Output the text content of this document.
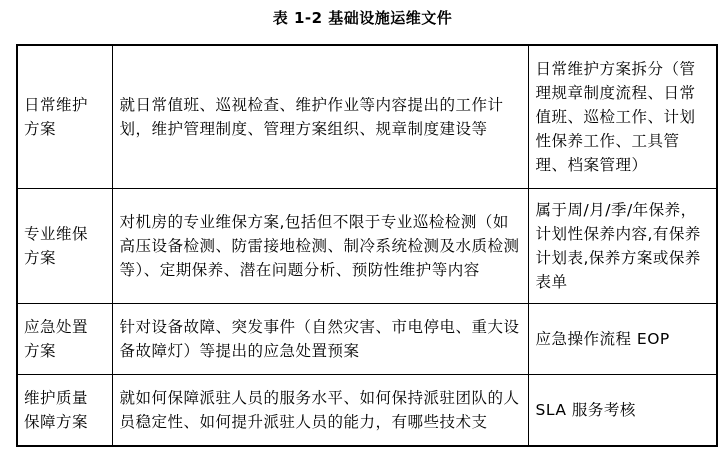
表 1-2 基础设施运维文件
日常维护方案	就日常值班、巡视检查、维护作业等内容提出的工作计划，维护管理制度、管理方案组织、规章制度建设等	日常维护方案拆分（管理规章制度流程、日常值班、巡检工作、计划性保养工作、工具管理、档案管理）
专业维保方案	对机房的专业维保方案,包括但不限于专业巡检检测（如高压设备检测、防雷接地检测、制冷系统检测及水质检测等）、定期保养、潜在问题分析、预防性维护等内容	属于周/月/季/年保养，计划性保养内容,有保养计划表,保养方案或保养表单
应急处置方案	针对设备故障、突发事件（自然灾害、市电停电、重大设备故障灯）等提出的应急处置预案	应急操作流程 EOP
维护质量保障方案	就如何保障派驻人员的服务水平、如何保持派驻团队的人员稳定性、如何提升派驻人员的能力，有哪些技术支	SLA 服务考核
